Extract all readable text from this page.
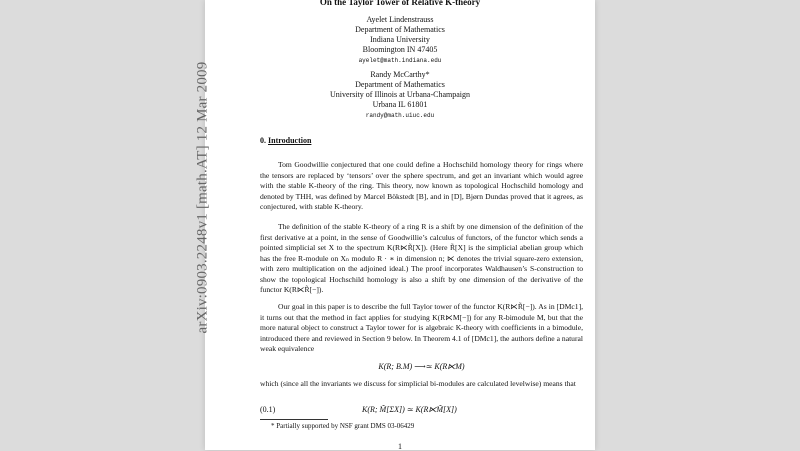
arXiv:0903.2248v1 [math.AT] 12 Mar 2009
On the Taylor Tower of Relative K-theory
Ayelet Lindenstrauss
Department of Mathematics
Indiana University
Bloomington IN 47405
ayelet@math.indiana.edu
Randy McCarthy*
Department of Mathematics
University of Illinois at Urbana-Champaign
Urbana IL 61801
randy@math.uiuc.edu
0. Introduction
Tom Goodwillie conjectured that one could define a Hochschild homology theory for rings where the tensors are replaced by ‘tensors’ over the sphere spectrum, and get an invariant which would agree with the stable K-theory of the ring. This theory, now known as topological Hochschild homology and denoted by THH, was defined by Marcel Bökstedt [B], and in [D], Bjørn Dundas proved that it agrees, as conjectured, with stable K-theory.
The definition of the stable K-theory of a ring R is a shift by one dimension of the definition of the first derivative at a point, in the sense of Goodwillie’s calculus of functors, of the functor which sends a pointed simplicial set X to the spectrum K(R⋉R̃[X]). (Here R̃[X] is the simplicial abelian group which has the free R-module on Xₙ modulo R · ∗ in dimension n; ⋉ denotes the trivial square-zero extension, with zero multiplication on the adjoined ideal.) The proof incorporates Waldhausen’s S-construction to show the topological Hochschild homology is also a shift by one dimension of the derivative of the functor K(R⋉R̃[−]).
Our goal in this paper is to describe the full Taylor tower of the functor K(R⋉R̃[−]). As in [DMc1], it turns out that the method in fact applies for studying K(R⋉M[−]) for any R-bimodule M, but that the more natural object to construct a Taylor tower for is algebraic K-theory with coefficients in a bimodule, introduced there and reviewed in Section 9 below. In Theorem 4.1 of [DMc1], the authors define a natural weak equivalence
K(R; B.M) ⟶≃ K(R⋉M)
which (since all the invariants we discuss for simplicial bi-modules are calculated levelwise) means that
(0.1)	K(R; M̃[ΣX]) ≃ K(R⋉M̃[X])
* Partially supported by NSF grant DMS 03-06429
1
